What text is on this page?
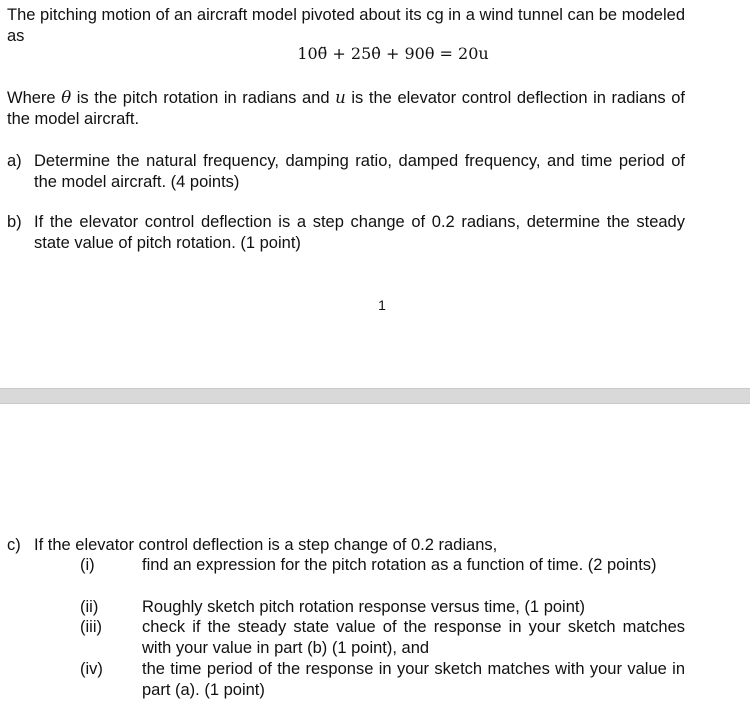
The pitching motion of an aircraft model pivoted about its cg in a wind tunnel can be modeled as
10θ̈ + 25θ̇ + 90θ = 20u
Where θ is the pitch rotation in radians and u is the elevator control deflection in radians of the model aircraft.
a) Determine the natural frequency, damping ratio, damped frequency, and time period of the model aircraft. (4 points)
b) If the elevator control deflection is a step change of 0.2 radians, determine the steady state value of pitch rotation. (1 point)
1
c) If the elevator control deflection is a step change of 0.2 radians,
(i)	find an expression for the pitch rotation as a function of time. (2 points)
(ii)	Roughly sketch pitch rotation response versus time, (1 point)
(iii)	check if the steady state value of the response in your sketch matches with your value in part (b) (1 point), and
(iv)	the time period of the response in your sketch matches with your value in part (a). (1 point)
